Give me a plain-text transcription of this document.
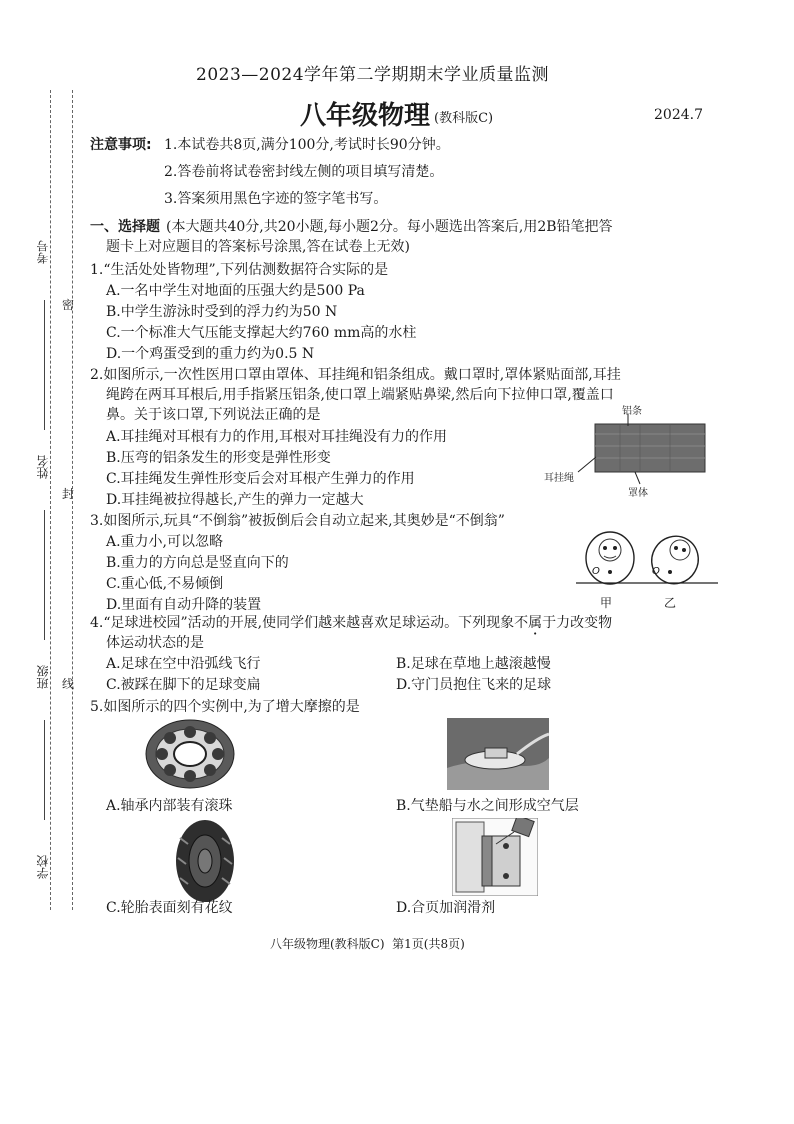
考号
姓名
班级
学校
密
封
线
2023—2024学年第二学期期末学业质量监测
八年级物理 (教科版C)	2024.7
注意事项: 1.本试卷共8页,满分100分,考试时长90分钟。
2.答卷前将试卷密封线左侧的项目填写清楚。
3.答案须用黑色字迹的签字笔书写。
一、选择题 (本大题共40分,共20小题,每小题2分。每小题选出答案后,用2B铅笔把答
题卡上对应题目的答案标号涂黑,答在试卷上无效)
1.“生活处处皆物理”,下列估测数据符合实际的是
A.一名中学生对地面的压强大约是500 Pa
B.中学生游泳时受到的浮力约为50 N
C.一个标准大气压能支撑起大约760 mm高的水柱
D.一个鸡蛋受到的重力约为0.5 N
2.如图所示,一次性医用口罩由罩体、耳挂绳和铝条组成。戴口罩时,罩体紧贴面部,耳挂
绳跨在两耳耳根后,用手指紧压铝条,使口罩上端紧贴鼻梁,然后向下拉伸口罩,覆盖口
鼻。关于该口罩,下列说法正确的是
A.耳挂绳对耳根有力的作用,耳根对耳挂绳没有力的作用
B.压弯的铝条发生的形变是弹性形变
C.耳挂绳发生弹性形变后会对耳根产生弹力的作用
D.耳挂绳被拉得越长,产生的弹力一定越大
铝条
耳挂绳
罩体
3.如图所示,玩具“不倒翁”被扳倒后会自动立起来,其奥妙是“不倒翁”
A.重力小,可以忽略
B.重力的方向总是竖直向下的
C.重心低,不易倾倒
D.里面有自动升降的装置
O	O
甲	乙
4.“足球进校园”活动的开展,使同学们越来越喜欢足球运动。下列现象不属于力改变物
体运动状态的是
A.足球在空中沿弧线飞行	B.足球在草地上越滚越慢
C.被踩在脚下的足球变扁	D.守门员抱住飞来的足球
5.如图所示的四个实例中,为了增大摩擦的是
A.轴承内部装有滚珠	B.气垫船与水之间形成空气层
C.轮胎表面刻有花纹	D.合页加润滑剂
八年级物理(教科版C)  第1页(共8页)
